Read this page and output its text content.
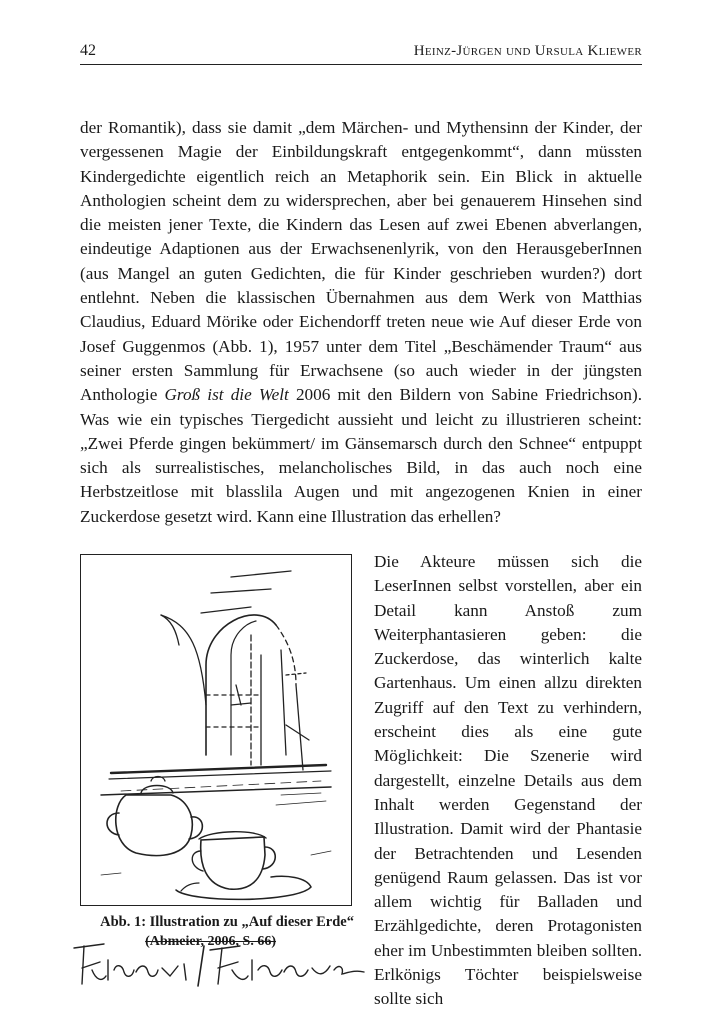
42	Heinz-Jürgen und Ursula Kliewer

der Romantik), dass sie damit „dem Märchen- und Mythensinn der Kinder, der vergessenen Magie der Einbildungskraft entgegenkommt“, dann müssten Kindergedichte eigentlich reich an Metaphorik sein. Ein Blick in aktuelle Anthologien scheint dem zu widersprechen, aber bei genauerem Hinsehen sind die meisten jener Texte, die Kindern das Lesen auf zwei Ebenen abverlangen, eindeutige Adaptionen aus der Erwachsenenlyrik, von den HerausgeberInnen (aus Mangel an guten Gedichten, die für Kinder geschrieben wurden?) dort entlehnt. Neben die klassischen Übernahmen aus dem Werk von Matthias Claudius, Eduard Mörike oder Eichendorff treten neue wie Auf dieser Erde von Josef Guggenmos (Abb. 1), 1957 unter dem Titel „Beschämender Traum“ aus seiner ersten Sammlung für Erwachsene (so auch wieder in der jüngsten Anthologie Groß ist die Welt 2006 mit den Bildern von Sabine Friedrichson). Was wie ein typisches Tiergedicht aussieht und leicht zu illustrieren scheint: „Zwei Pferde gingen bekümmert/ im Gänsemarsch durch den Schnee“ entpuppt sich als surrealistisches, melancholisches Bild, in das auch noch eine Herbstzeitlose mit blasslila Augen und mit angezogenen Knien in einer Zuckerdose gesetzt wird. Kann eine Illustration das erhellen?

Abb. 1: Illustration zu „Auf dieser Erde“
(Abmeier, 2006, S. 66)

Die Akteure müssen sich die LeserInnen selbst vorstellen, aber ein Detail kann Anstoß zum Weiterphantasieren geben: die Zuckerdose, das winterlich kalte Gartenhaus. Um einen allzu direkten Zugriff auf den Text zu verhindern, erscheint dies als eine gute Möglichkeit: Die Szenerie wird dargestellt, einzelne Details aus dem Inhalt werden Gegenstand der Illustration. Damit wird der Phantasie der Betrachtenden und Lesenden genügend Raum gelassen. Das ist vor allem wichtig für Balladen und Erzählgedichte, deren Protagonisten eher im Unbestimmten bleiben sollten. Erlkönigs Töchter beispielsweise sollte sich
